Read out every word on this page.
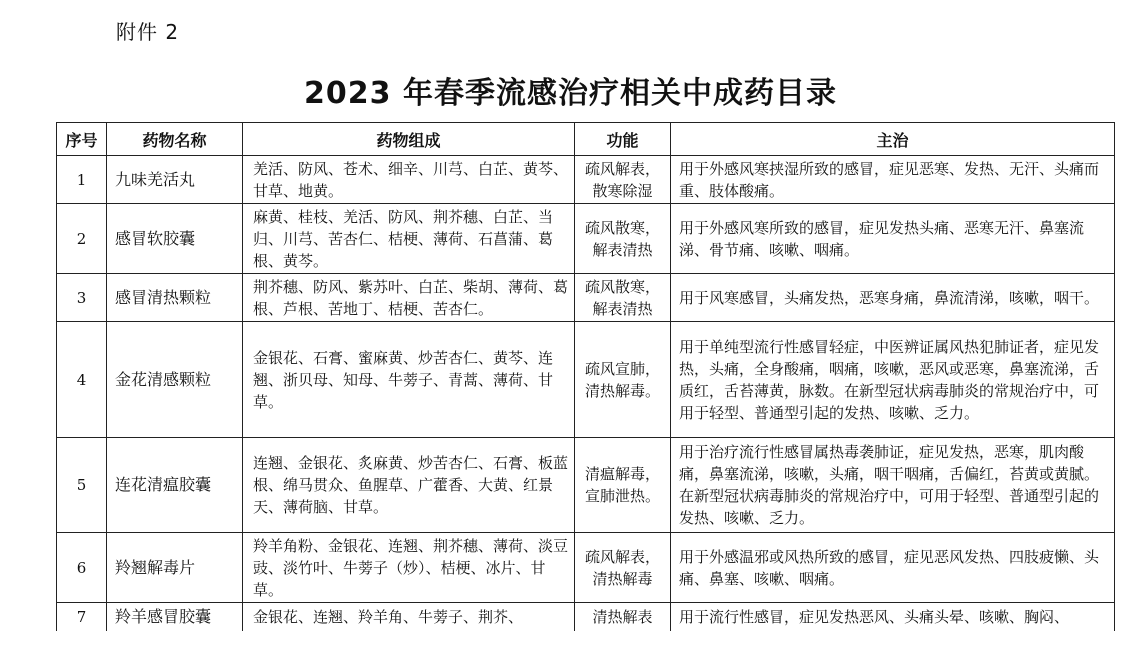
附件 2
2023 年春季流感治疗相关中成药目录
序号	药物名称	药物组成	功能	主治
1	九味羌活丸	羌活、防风、苍术、细辛、川芎、白芷、黄芩、甘草、地黄。	疏风解表，散寒除湿	用于外感风寒挟湿所致的感冒，症见恶寒、发热、无汗、头痛而重、肢体酸痛。
2	感冒软胶囊	麻黄、桂枝、羌活、防风、荆芥穗、白芷、当归、川芎、苦杏仁、桔梗、薄荷、石菖蒲、葛根、黄芩。	疏风散寒，解表清热	用于外感风寒所致的感冒，症见发热头痛、恶寒无汗、鼻塞流涕、骨节痛、咳嗽、咽痛。
3	感冒清热颗粒	荆芥穗、防风、紫苏叶、白芷、柴胡、薄荷、葛根、芦根、苦地丁、桔梗、苦杏仁。	疏风散寒，解表清热	用于风寒感冒，头痛发热，恶寒身痛，鼻流清涕，咳嗽，咽干。
4	金花清感颗粒	金银花、石膏、蜜麻黄、炒苦杏仁、黄芩、连翘、浙贝母、知母、牛蒡子、青蒿、薄荷、甘草。	疏风宣肺，清热解毒。	用于单纯型流行性感冒轻症，中医辨证属风热犯肺证者，症见发热，头痛，全身酸痛，咽痛，咳嗽，恶风或恶寒，鼻塞流涕，舌质红，舌苔薄黄，脉数。在新型冠状病毒肺炎的常规治疗中，可用于轻型、普通型引起的发热、咳嗽、乏力。
5	连花清瘟胶囊	连翘、金银花、炙麻黄、炒苦杏仁、石膏、板蓝根、绵马贯众、鱼腥草、广藿香、大黄、红景天、薄荷脑、甘草。	清瘟解毒，宣肺泄热。	用于治疗流行性感冒属热毒袭肺证，症见发热，恶寒，肌肉酸痛，鼻塞流涕，咳嗽，头痛，咽干咽痛，舌偏红，苔黄或黄腻。在新型冠状病毒肺炎的常规治疗中，可用于轻型、普通型引起的发热、咳嗽、乏力。
6	羚翘解毒片	羚羊角粉、金银花、连翘、荆芥穗、薄荷、淡豆豉、淡竹叶、牛蒡子（炒）、桔梗、冰片、甘草。	疏风解表，清热解毒	用于外感温邪或风热所致的感冒，症见恶风发热、四肢疲懒、头痛、鼻塞、咳嗽、咽痛。
7	羚羊感冒胶囊	金银花、连翘、羚羊角、牛蒡子、荆芥、	清热解表	用于流行性感冒，症见发热恶风、头痛头晕、咳嗽、胸闷、
